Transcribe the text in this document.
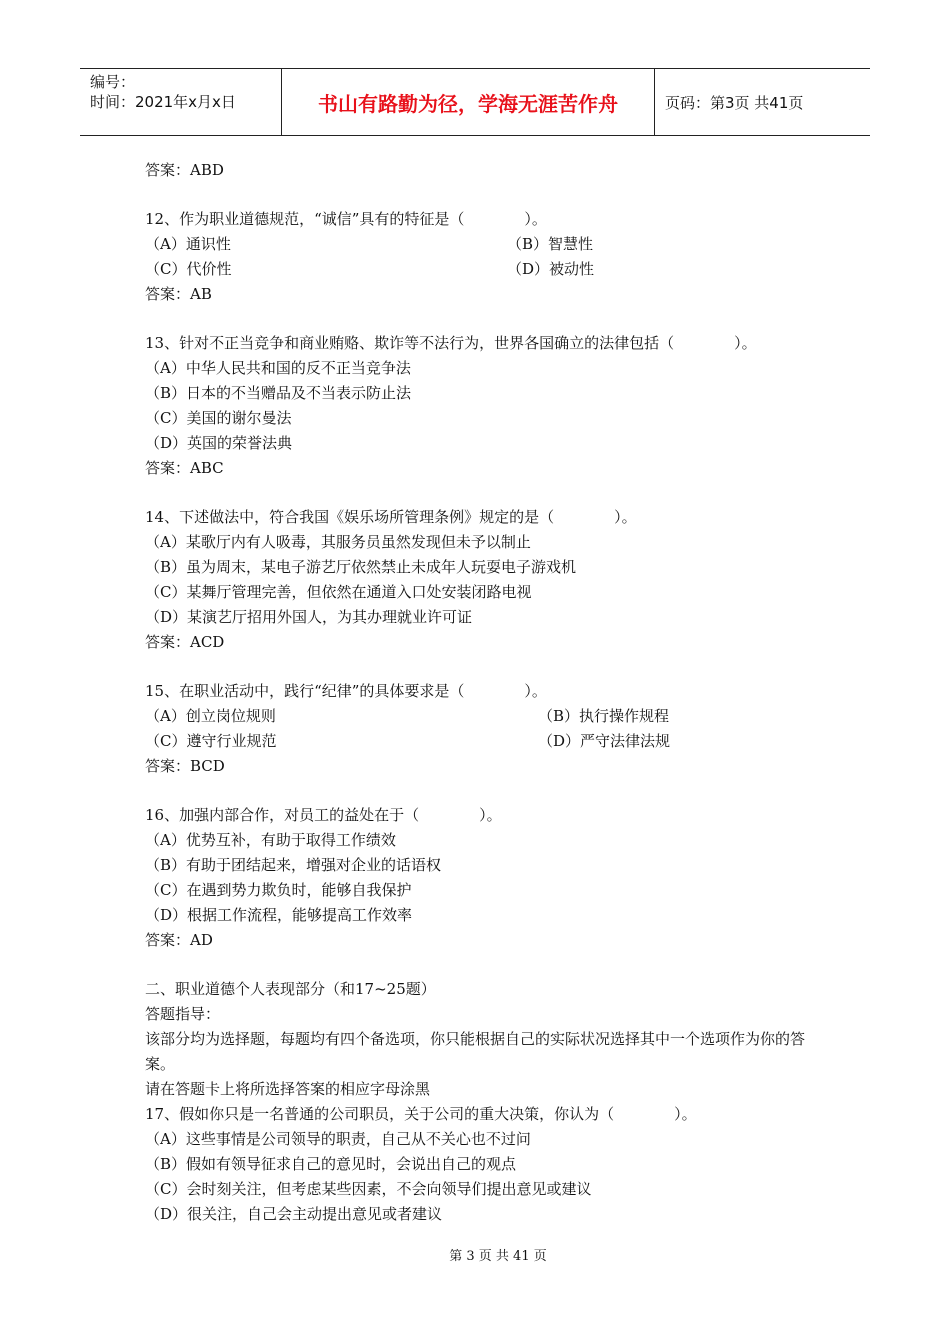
编号：
时间：2021年x月x日	书山有路勤为径，学海无涯苦作舟	页码：第3页 共41页
答案：ABD
12、作为职业道德规范，“诚信”具有的特征是（　　　　）。
（A）通识性	（B）智慧性
（C）代价性	（D）被动性
答案：AB
13、针对不正当竞争和商业贿赂、欺诈等不法行为，世界各国确立的法律包括（　　　　）。
（A）中华人民共和国的反不正当竞争法
（B）日本的不当赠品及不当表示防止法
（C）美国的谢尔曼法
（D）英国的荣誉法典
答案：ABC
14、下述做法中，符合我国《娱乐场所管理条例》规定的是（　　　　）。
（A）某歌厅内有人吸毒，其服务员虽然发现但未予以制止
（B）虽为周末，某电子游艺厅依然禁止未成年人玩耍电子游戏机
（C）某舞厅管理完善，但依然在通道入口处安装闭路电视
（D）某演艺厅招用外国人，为其办理就业许可证
答案：ACD
15、在职业活动中，践行“纪律”的具体要求是（　　　　）。
（A）创立岗位规则	（B）执行操作规程
（C）遵守行业规范	（D）严守法律法规
答案：BCD
16、加强内部合作，对员工的益处在于（　　　　）。
（A）优势互补，有助于取得工作绩效
（B）有助于团结起来，增强对企业的话语权
（C）在遇到势力欺负时，能够自我保护
（D）根据工作流程，能够提高工作效率
答案：AD
二、职业道德个人表现部分（和17~25题）
答题指导：
该部分均为选择题，每题均有四个备选项，你只能根据自己的实际状况选择其中一个选项作为你的答案。
请在答题卡上将所选择答案的相应字母涂黑
17、假如你只是一名普通的公司职员，关于公司的重大决策，你认为（　　　　）。
（A）这些事情是公司领导的职责，自己从不关心也不过问
（B）假如有领导征求自己的意见时，会说出自己的观点
（C）会时刻关注，但考虑某些因素，不会向领导们提出意见或建议
（D）很关注，自己会主动提出意见或者建议
第 3 页 共 41 页
